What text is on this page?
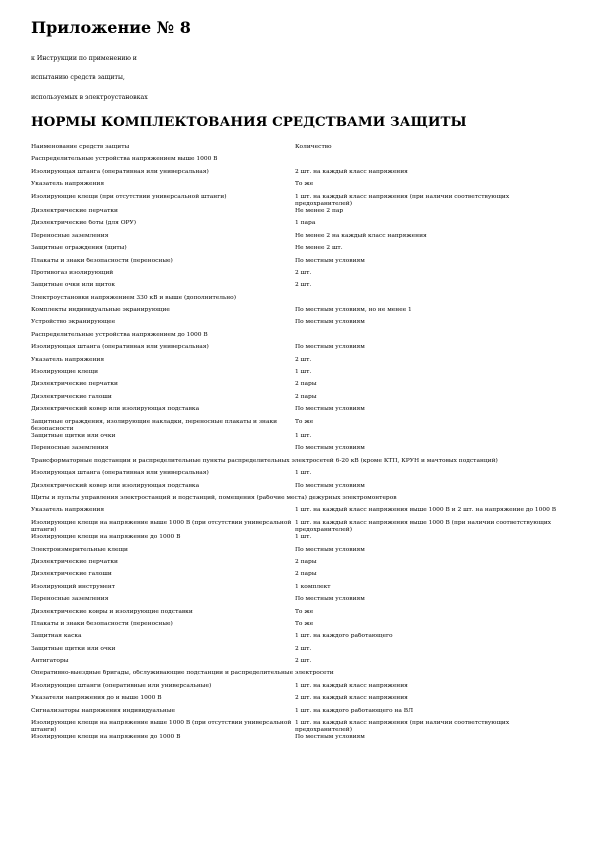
Приложение № 8
к Инструкции по применению и
испытанию средств защиты,
используемых в электроустановках
НОРМЫ КОМПЛЕКТОВАНИЯ СРЕДСТВАМИ ЗАЩИТЫ
Наименование средств защиты	Количество
Распределительные устройства напряжением выше 1000 В	
Изолирующая штанга (оперативная или универсальная)	2 шт. на каждый класс напряжения
Указатель напряжения	То же
Изолирующие клещи (при отсутствии универсальной штанги)	1 шт. на каждый класс напряжения (при наличии соответствующих предохранителей)
Диэлектрические перчатки	Не менее 2 пар
Диэлектрические боты (для ОРУ)	1 пара
Переносные заземления	Не менее 2 на каждый класс напряжения
Защитные ограждения (щиты)	Не менее 2 шт.
Плакаты и знаки безопасности (переносные)	По местным условиям
Противогаз изолирующий	2 шт.
Защитные очки или щиток	2 шт.
Электроустановки напряжением 330 кВ и выше (дополнительно)	
Комплекты индивидуальные экранирующие	По местным условиям, но не менее 1
Устройство экранирующее	По местным условиям
Распределительные устройства напряжением до 1000 В	
Изолирующая штанга (оперативная или универсальная)	По местным условиям
Указатель напряжения	2 шт.
Изолирующие клещи	1 шт.
Диэлектрические перчатки	2 пары
Диэлектрические галоши	2 пары
Диэлектрический ковер или изолирующая подставка	По местным условиям
Защитные ограждения, изолирующие накладки, переносные плакаты и знаки безопасности	То же
Защитные щитки или очки	1 шт.
Переносные заземления	По местным условиям
Трансформаторные подстанции и распределительные пункты распределительных электросетей 6-20 кВ (кроме КТП, КРУН и мачтовых подстанций)	
Изолирующая штанга (оперативная или универсальная)	1 шт.
Диэлектрический ковер или изолирующая подставка	По местным условиям
Щиты и пульты управления электростанций и подстанций, помещения (рабочие места) дежурных электромонтеров	
Указатель напряжения	1 шт. на каждый класс напряжения выше 1000 В и 2 шт. на напряжение до 1000 В
Изолирующие клещи на напряжение выше 1000 В (при отсутствии универсальной штанги)	1 шт. на каждый класс напряжения выше 1000 В (при наличии соответствующих предохранителей)
Изолирующие клещи на напряжение до 1000 В	1 шт.
Электроизмерительные клещи	По местным условиям
Диэлектрические перчатки	2 пары
Диэлектрические галоши	2 пары
Изолирующий инструмент	1 комплект
Переносные заземления	По местным условиям
Диэлектрические ковры и изолирующие подставки	То же
Плакаты и знаки безопасности (переносные)	То же
Защитная каска	1 шт. на каждого работающего
Защитные щитки или очки	2 шт.
Антигаторы	2 шт.
Оперативно-выездные бригады, обслуживающие подстанции и распределительные электросети	
Изолирующие штанги (оперативные или универсальные)	1 шт. на каждый класс напряжения
Указатели напряжения до и выше 1000 В	2 шт. на каждый класс напряжения
Сигнализаторы напряжения индивидуальные	1 шт. на каждого работающего на ВЛ
Изолирующие клещи на напряжение выше 1000 В (при отсутствии универсальной штанги)	1 шт. на каждый класс напряжения (при наличии соответствующих предохранителей)
Изолирующие клещи на напряжение до 1000 В	По местным условиям
